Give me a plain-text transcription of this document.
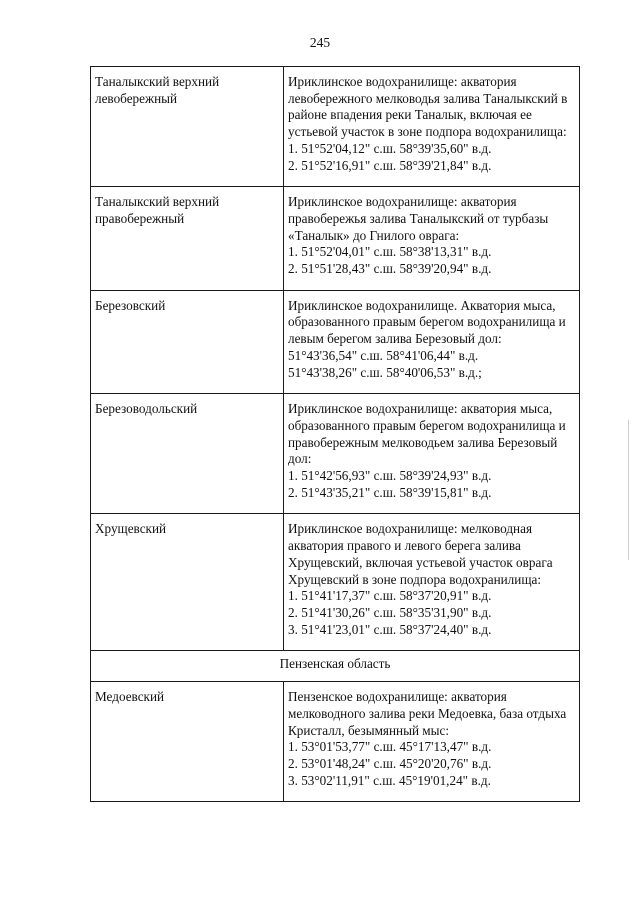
245
Таналыкский верхний левобережный	Ириклинское водохранилище: акватория левобережного мелководья залива Таналыкский в районе впадения реки Таналык, включая ее устьевой участок в зоне подпора водохранилища:
1. 51°52'04,12" с.ш. 58°39'35,60" в.д.
2. 51°52'16,91" с.ш. 58°39'21,84" в.д.

Таналыкский верхний правобережный	Ириклинское водохранилище: акватория правобережья залива Таналыкский от турбазы «Таналык» до Гнилого оврага:
1. 51°52'04,01" с.ш. 58°38'13,31" в.д.
2. 51°51'28,43" с.ш. 58°39'20,94" в.д.

Березовский	Ириклинское водохранилище. Акватория мыса, образованного правым берегом водохранилища и левым берегом залива Березовый дол:
51°43'36,54" с.ш. 58°41'06,44" в.д.
51°43'38,26" с.ш. 58°40'06,53" в.д.;

Березоводольский	Ириклинское водохранилище: акватория мыса, образованного правым берегом водохранилища и правобережным мелководьем залива Березовый дол:
1. 51°42'56,93" с.ш. 58°39'24,93" в.д.
2. 51°43'35,21" с.ш. 58°39'15,81" в.д.

Хрущевский	Ириклинское водохранилище: мелководная акватория правого и левого берега залива Хрущевский, включая устьевой участок оврага Хрущевский в зоне подпора водохранилища:
1. 51°41'17,37" с.ш. 58°37'20,91" в.д.
2. 51°41'30,26" с.ш. 58°35'31,90" в.д.
3. 51°41'23,01" с.ш. 58°37'24,40" в.д.

Пензенская область	
Медоевский	Пензенское водохранилище: акватория мелководного залива реки Медоевка, база отдыха Кристалл, безымянный мыс:
1. 53°01'53,77" с.ш. 45°17'13,47" в.д.
2. 53°01'48,24" с.ш. 45°20'20,76" в.д.
3. 53°02'11,91" с.ш. 45°19'01,24" в.д.
